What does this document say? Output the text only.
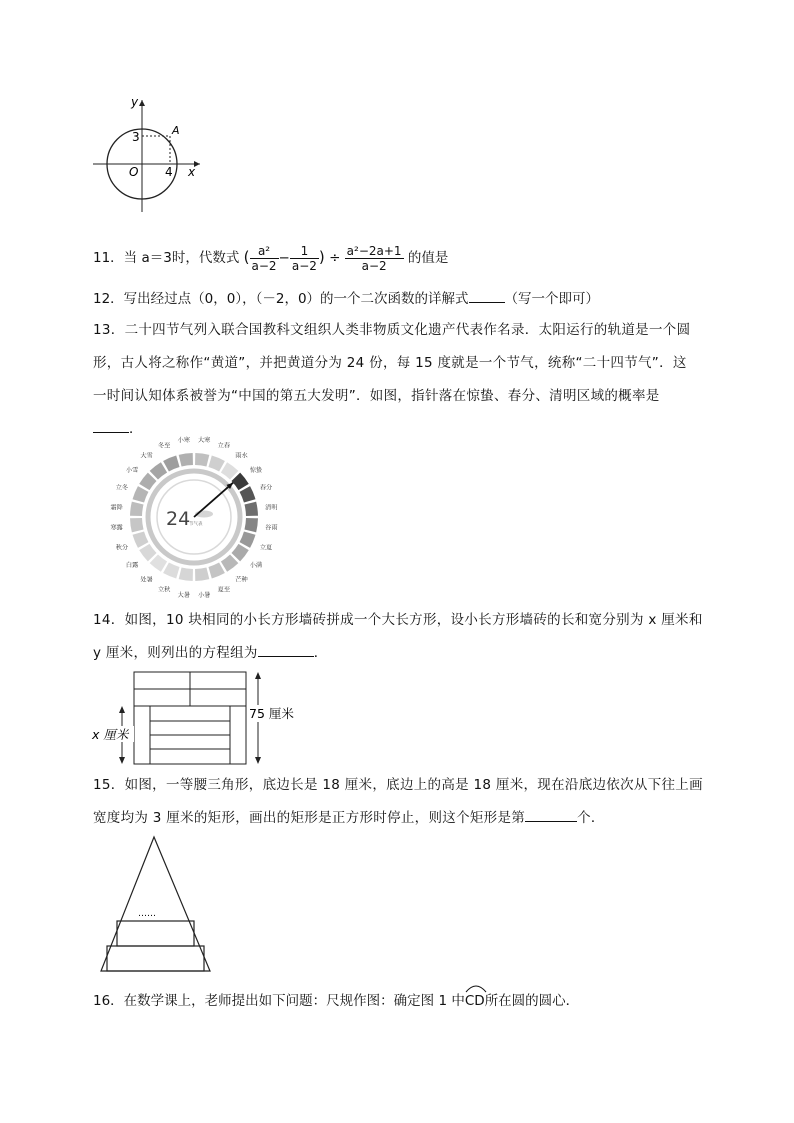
y
x
O
A
3
4
11．当 a＝3时，代数式 ( $\frac{\text{a²}}{a-2} - \frac{1}{a-2}$ ) ÷ $\frac{\text{a²−2a+1}}{a-2}$ 的值是
12．写出经过点（0，0），（－2，0）的一个二次函数的详解式	（写一个即可）
13．二十四节气列入联合国教科文组织人类非物质文化遗产代表作名录．太阳运行的轨道是一个圆
形，古人将之称作“黄道”，并把黄道分为 24 份，每 15 度就是一个节气，统称“二十四节气”．这
一时间认知体系被誉为“中国的第五大发明”．如图，指针落在惊蛰、春分、清明区域的概率是
．
惊蛰
春分
清明
谷雨
立夏
小满
芒种
夏至
小暑
大暑
立秋
处暑
白露
秋分
寒露
霜降
立冬
小雪
大雪
冬至
小寒 大寒
立春
雨水
24
节气表
14．如图，10 块相同的小长方形墙砖拼成一个大长方形，设小长方形墙砖的长和宽分别为 x 厘米和
y 厘米，则列出的方程组为	．
75 厘米
x 厘米
15．如图，一等腰三角形，底边长是 18 厘米，底边上的高是 18 厘米，现在沿底边依次从下往上画
宽度均为 3 厘米的矩形，画出的矩形是正方形时停止，则这个矩形是第	个．
……
16．在数学课上，老师提出如下问题：尺规作图：确定图 1 中
CD所在圆的圆心．
